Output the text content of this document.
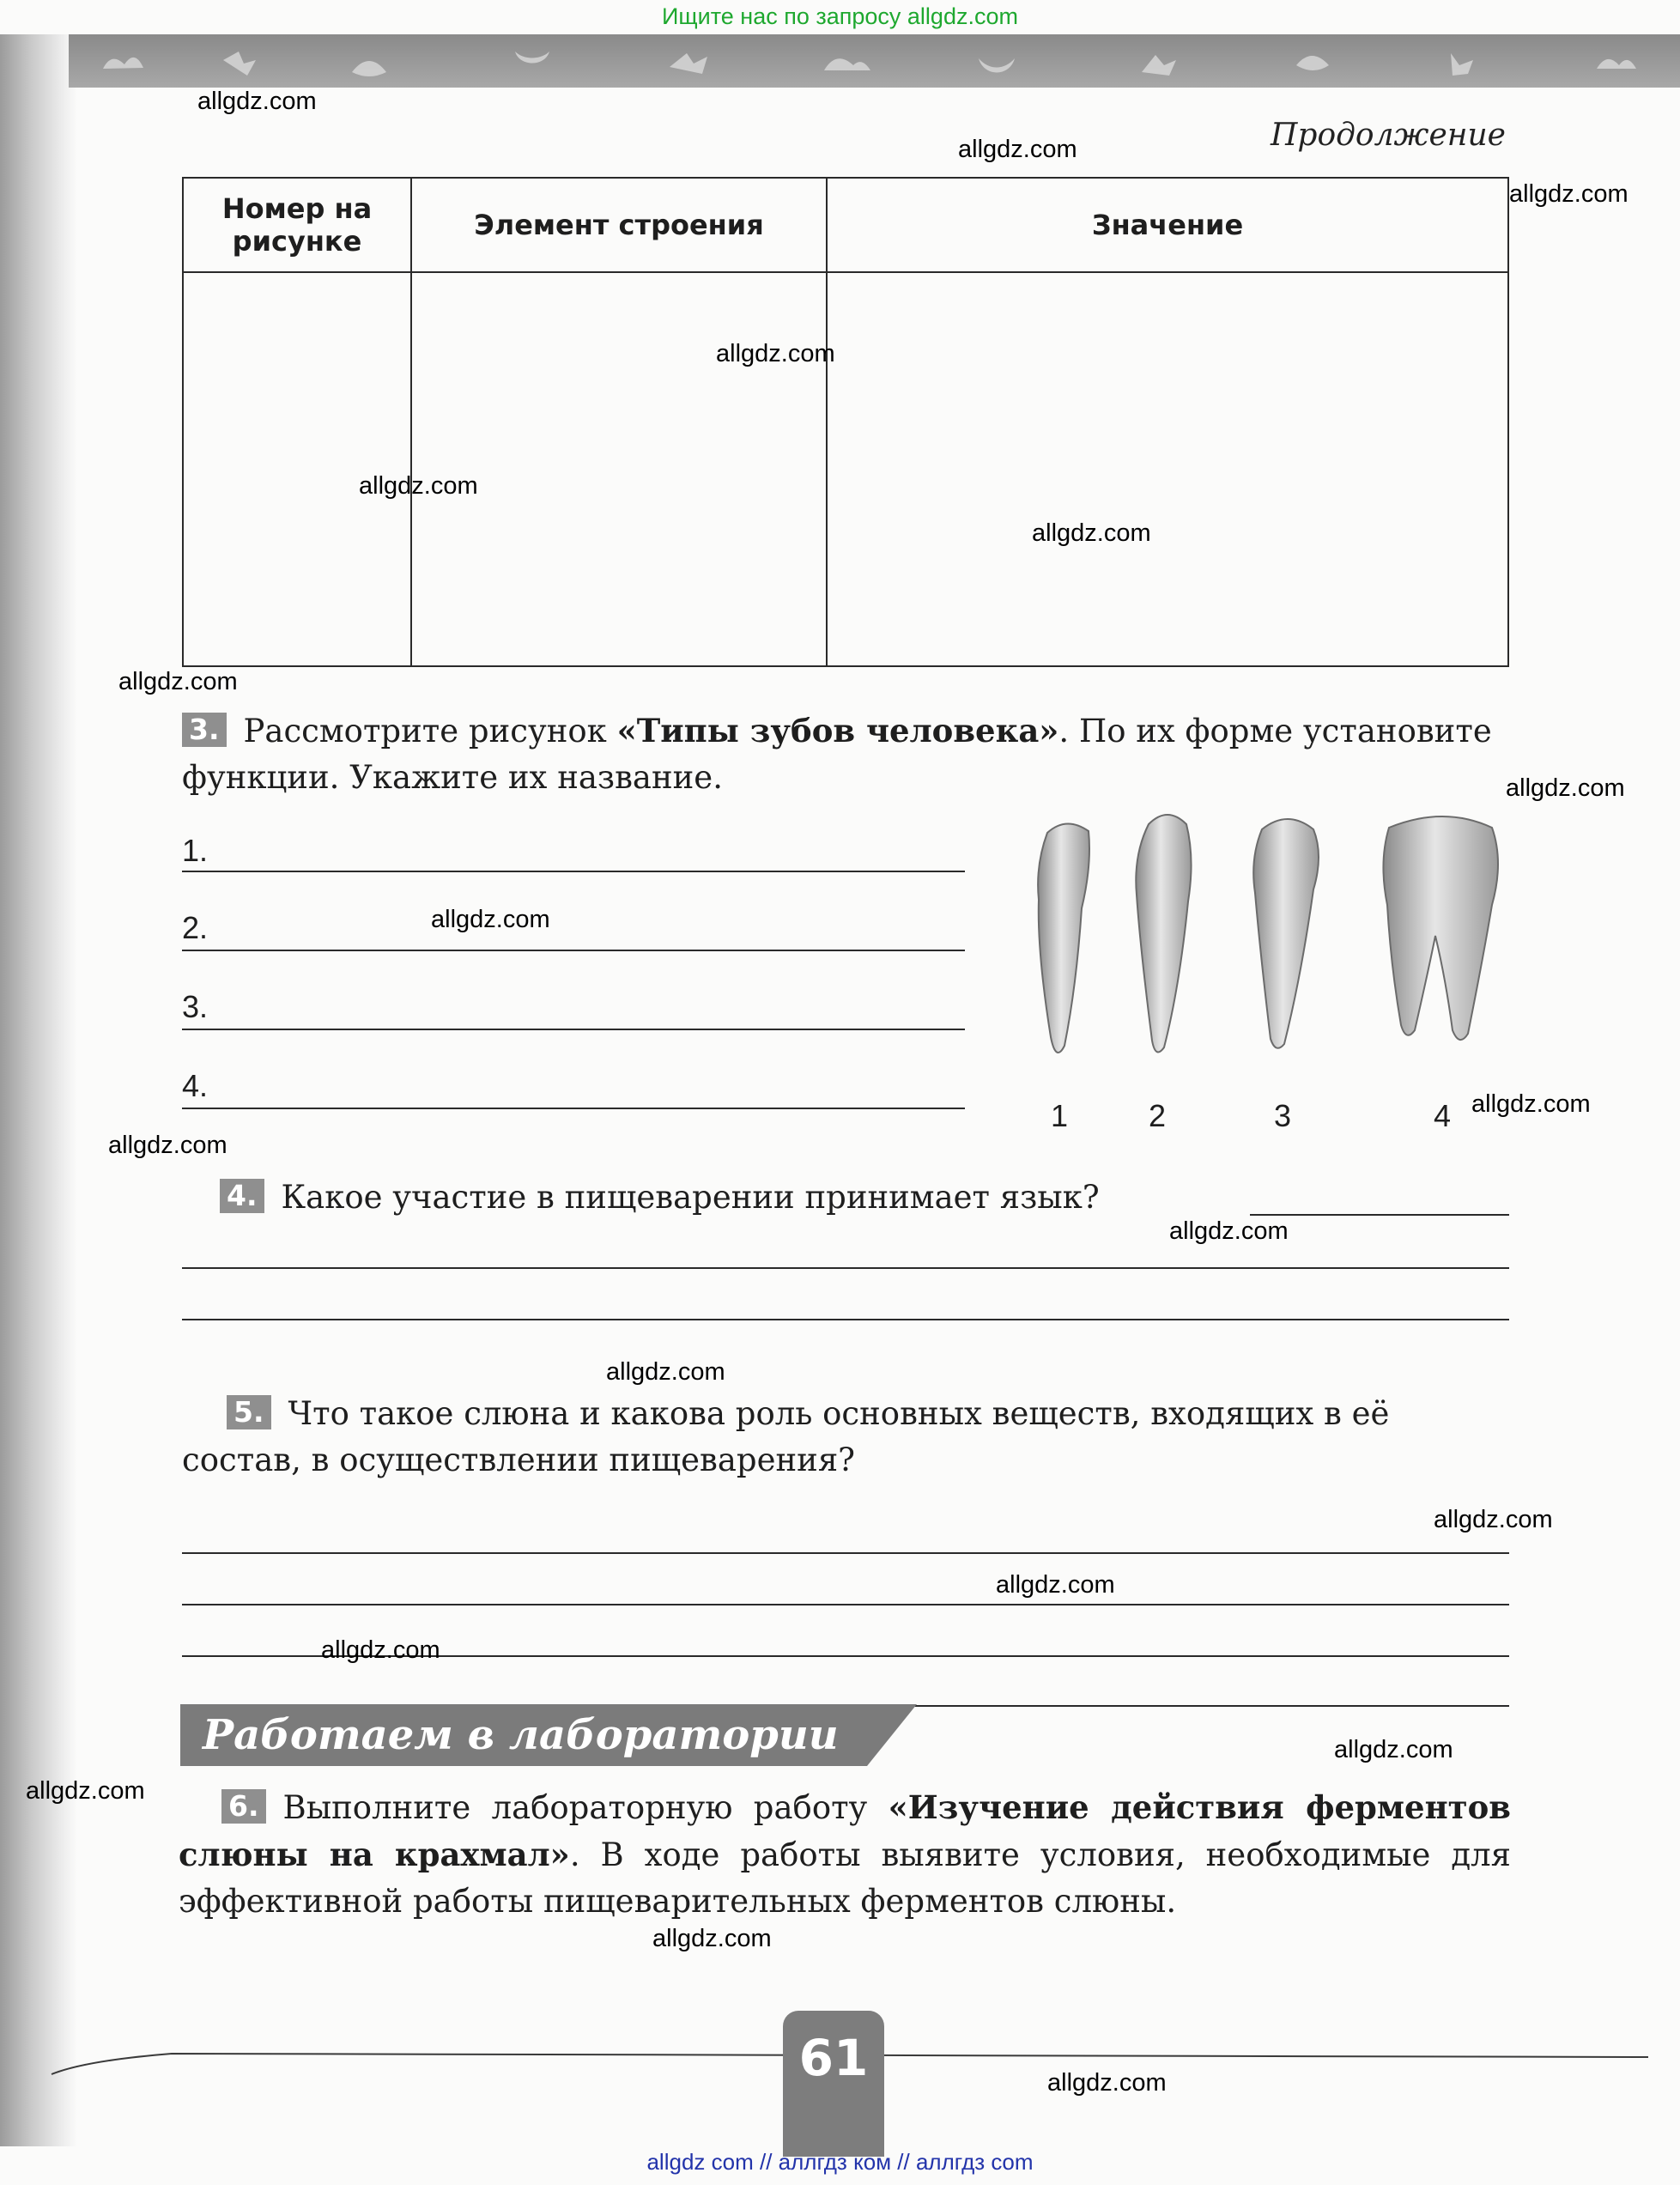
Ищите нас по запросу allgdz.com
Продолжение
Номер на рисунке	Элемент строения	Значение

3. Рассмотрите рисунок «Типы зубов человека». По их форме установите функции. Укажите их название.
1.
2.
3.
4.
1	2	3	4
4. Какое участие в пищеварении принимает язык?
5. Что такое слюна и какова роль основных веществ, входящих в её состав, в осуществлении пищеварения?
Работаем в лаборатории
6. Выполните лабораторную работу «Изучение действия ферментов слюны на крахмал». В ходе работы выявите условия, необходимые для эффективной работы пищеварительных ферментов слюны.
61
allgdz.com
allgdz.com
allgdz.com
allgdz.com
allgdz.com
allgdz.com
allgdz.com
allgdz.com
allgdz.com
allgdz.com
allgdz.com
allgdz.com
allgdz.com
allgdz.com
allgdz.com
allgdz.com
allgdz.com
allgdz.com
allgdz.com
allgdz.com
allgdz com // аллгдз ком // аллгдз com
